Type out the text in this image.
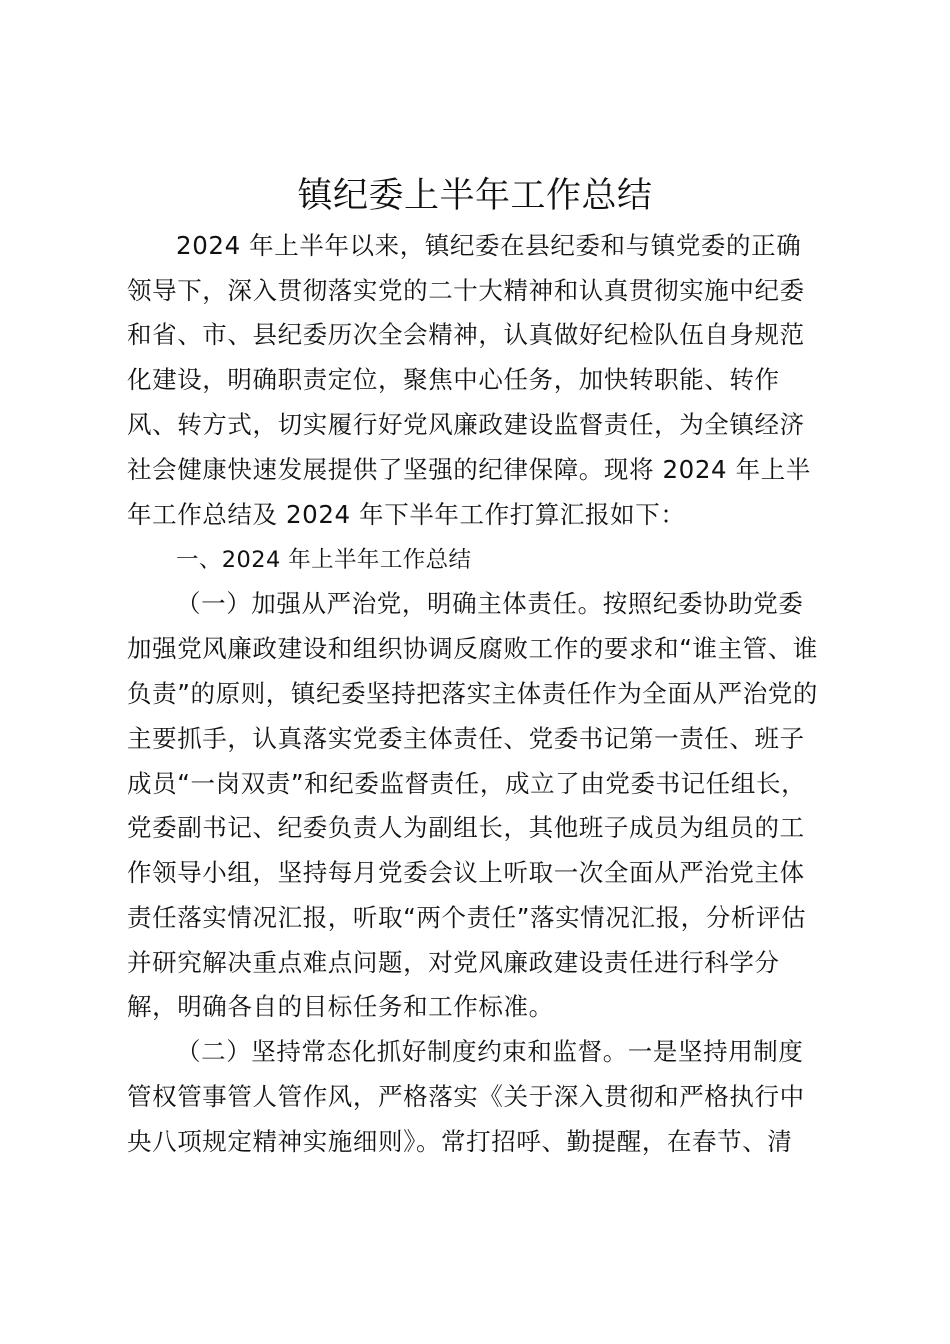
镇纪委上半年工作总结
2024 年上半年以来，镇纪委在县纪委和与镇党委的正确
领导下，深入贯彻落实党的二十大精神和认真贯彻实施中纪委
和省、市、县纪委历次全会精神，认真做好纪检队伍自身规范
化建设，明确职责定位，聚焦中心任务，加快转职能、转作
风、转方式，切实履行好党风廉政建设监督责任，为全镇经济
社会健康快速发展提供了坚强的纪律保障。现将 2024 年上半
年工作总结及 2024 年下半年工作打算汇报如下：
一、2024 年上半年工作总结
（一）加强从严治党，明确主体责任。按照纪委协助党委
加强党风廉政建设和组织协调反腐败工作的要求和“谁主管、谁
负责”的原则，镇纪委坚持把落实主体责任作为全面从严治党的
主要抓手，认真落实党委主体责任、党委书记第一责任、班子
成员“一岗双责”和纪委监督责任，成立了由党委书记任组长，
党委副书记、纪委负责人为副组长，其他班子成员为组员的工
作领导小组，坚持每月党委会议上听取一次全面从严治党主体
责任落实情况汇报，听取“两个责任”落实情况汇报，分析评估
并研究解决重点难点问题，对党风廉政建设责任进行科学分
解，明确各自的目标任务和工作标准。
（二）坚持常态化抓好制度约束和监督。一是坚持用制度
管权管事管人管作风，严格落实《关于深入贯彻和严格执行中
央八项规定精神实施细则》。常打招呼、勤提醒，在春节、清
